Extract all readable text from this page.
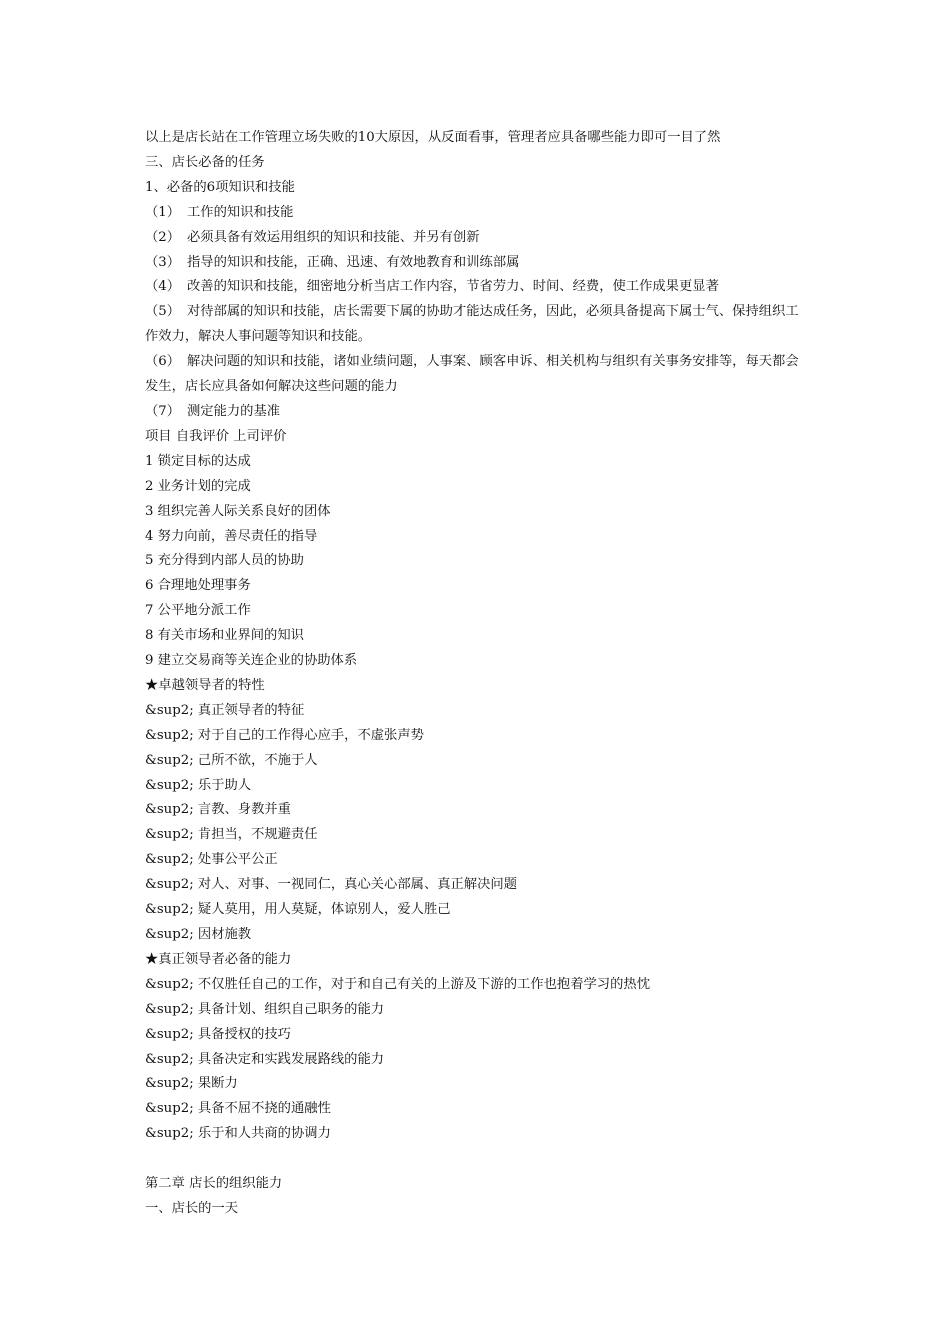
以上是店长站在工作管理立场失败的10大原因，从反面看事，管理者应具备哪些能力即可一目了然
三、店长必备的任务
1、必备的6项知识和技能
（1） 工作的知识和技能
（2） 必须具备有效运用组织的知识和技能、并另有创新
（3） 指导的知识和技能，正确、迅速、有效地教育和训练部属
（4） 改善的知识和技能，细密地分析当店工作内容，节省劳力、时间、经费，使工作成果更显著
（5） 对待部属的知识和技能，店长需要下属的协助才能达成任务，因此，必须具备提高下属士气、保持组织工作效力，解决人事问题等知识和技能。
（6） 解决问题的知识和技能，诸如业绩问题，人事案、顾客申诉、相关机构与组织有关事务安排等，每天都会发生，店长应具备如何解决这些问题的能力
（7） 测定能力的基准
项目 自我评价 上司评价
1 锁定目标的达成
2 业务计划的完成
3 组织完善人际关系良好的团体
4 努力向前，善尽责任的指导
5 充分得到内部人员的协助
6 合理地处理事务
7 公平地分派工作
8 有关市场和业界间的知识
9 建立交易商等关连企业的协助体系
★卓越领导者的特性
&sup2; 真正领导者的特征
&sup2; 对于自己的工作得心应手，不虚张声势
&sup2; 己所不欲，不施于人
&sup2; 乐于助人
&sup2; 言教、身教并重
&sup2; 肯担当，不规避责任
&sup2; 处事公平公正
&sup2; 对人、对事、一视同仁，真心关心部属、真正解决问题
&sup2; 疑人莫用，用人莫疑，体谅别人，爱人胜己
&sup2; 因材施教
★真正领导者必备的能力
&sup2; 不仅胜任自己的工作，对于和自己有关的上游及下游的工作也抱着学习的热忱
&sup2; 具备计划、组织自己职务的能力
&sup2; 具备授权的技巧
&sup2; 具备决定和实践发展路线的能力
&sup2; 果断力
&sup2; 具备不屈不挠的通融性
&sup2; 乐于和人共商的协调力
第二章 店长的组织能力
一、店长的一天
